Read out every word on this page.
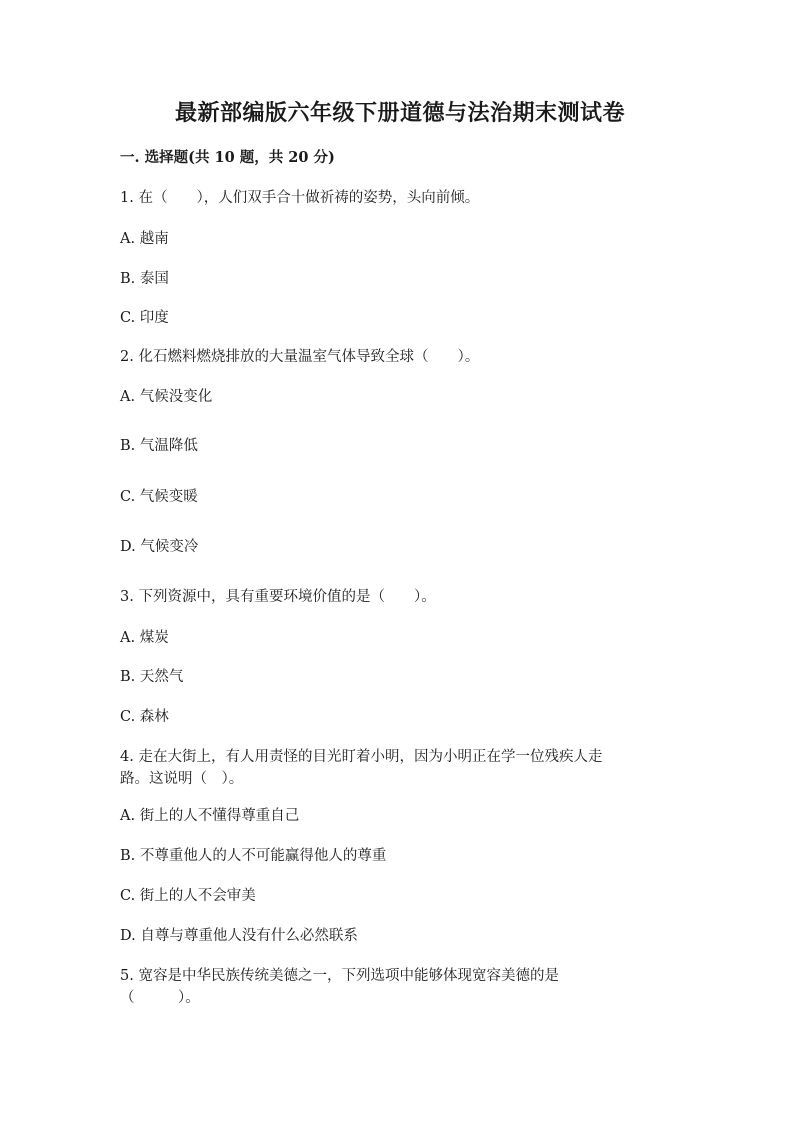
最新部编版六年级下册道德与法治期末测试卷
一. 选择题(共 10 题，共 20 分)
1. 在（　　），人们双手合十做祈祷的姿势，头向前倾。
A. 越南
B. 泰国
C. 印度
2. 化石燃料燃烧排放的大量温室气体导致全球（　　）。
A. 气候没变化
B. 气温降低
C. 气候变暖
D. 气候变冷
3. 下列资源中，具有重要环境价值的是（　　）。
A. 煤炭
B. 天然气
C. 森林
4. 走在大街上，有人用责怪的目光盯着小明，因为小明正在学一位残疾人走
路。这说明（　）。
A. 街上的人不懂得尊重自己
B. 不尊重他人的人不可能赢得他人的尊重
C. 街上的人不会审美
D. 自尊与尊重他人没有什么必然联系
5. 宽容是中华民族传统美德之一，下列选项中能够体现宽容美德的是
（　　　）。
